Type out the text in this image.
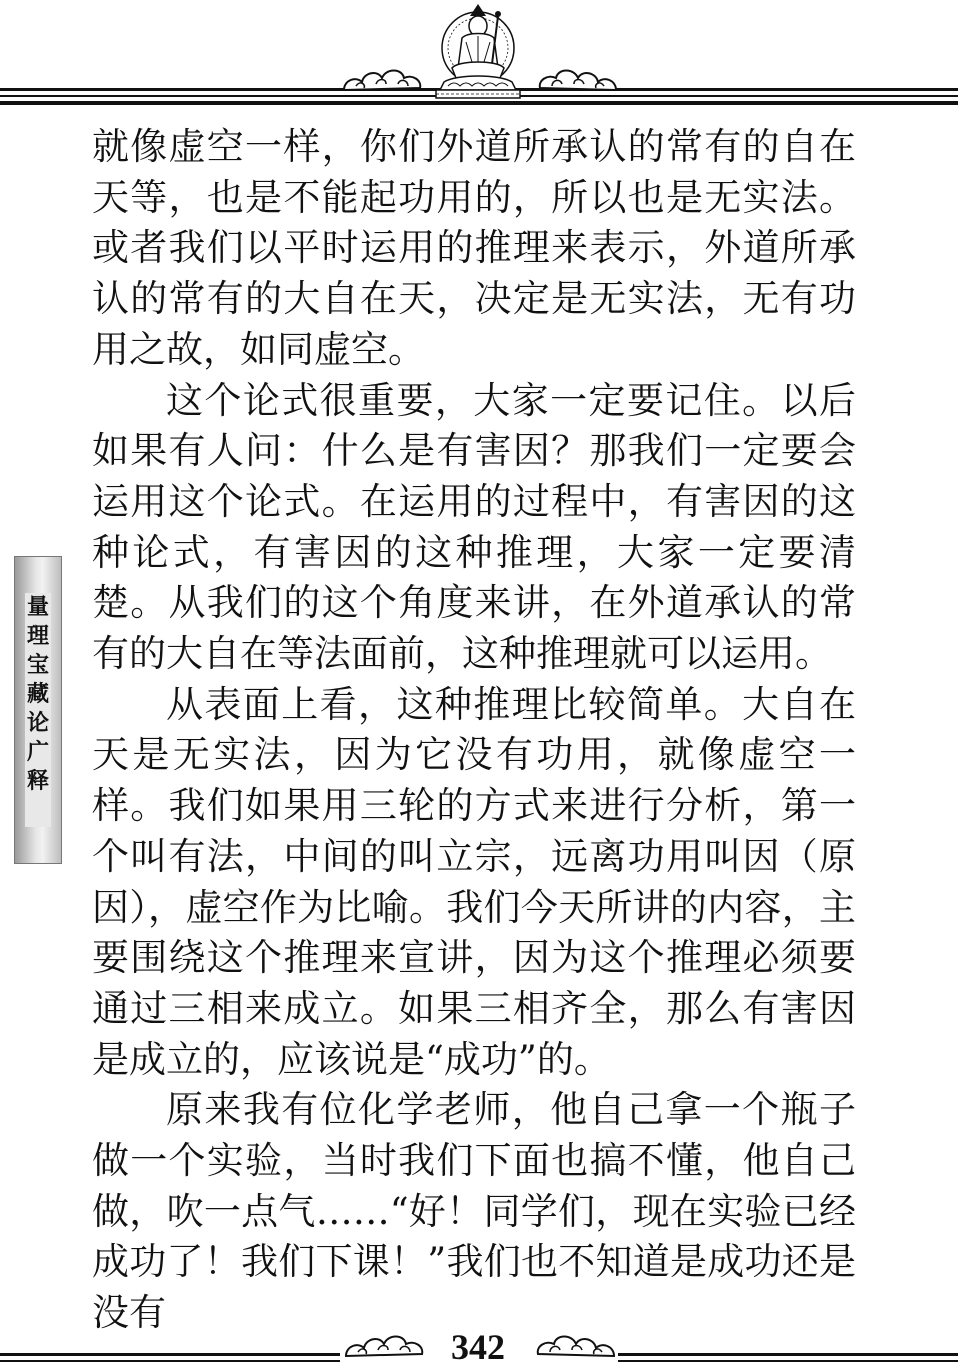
量
理
宝
藏
论
广
释

就像虚空一样，你们外道所承认的常有的自在天等，也是不能起功用的，所以也是无实法。或者我们以平时运用的推理来表示，外道所承认的常有的大自在天，决定是无实法，无有功用之故，如同虚空。

这个论式很重要，大家一定要记住。以后如果有人问：什么是有害因？那我们一定要会运用这个论式。在运用的过程中，有害因的这种论式，有害因的这种推理，大家一定要清楚。从我们的这个角度来讲，在外道承认的常有的大自在等法面前，这种推理就可以运用。

从表面上看，这种推理比较简单。大自在天是无实法，因为它没有功用，就像虚空一样。我们如果用三轮的方式来进行分析，第一个叫有法，中间的叫立宗，远离功用叫因（原因），虚空作为比喻。我们今天所讲的内容，主要围绕这个推理来宣讲，因为这个推理必须要通过三相来成立。如果三相齐全，那么有害因是成立的，应该说是“成功”的。

原来我有位化学老师，他自己拿一个瓶子做一个实验，当时我们下面也搞不懂，他自己做，吹一点气……“好！同学们，现在实验已经成功了！我们下课！”我们也不知道是成功还是没有

342
